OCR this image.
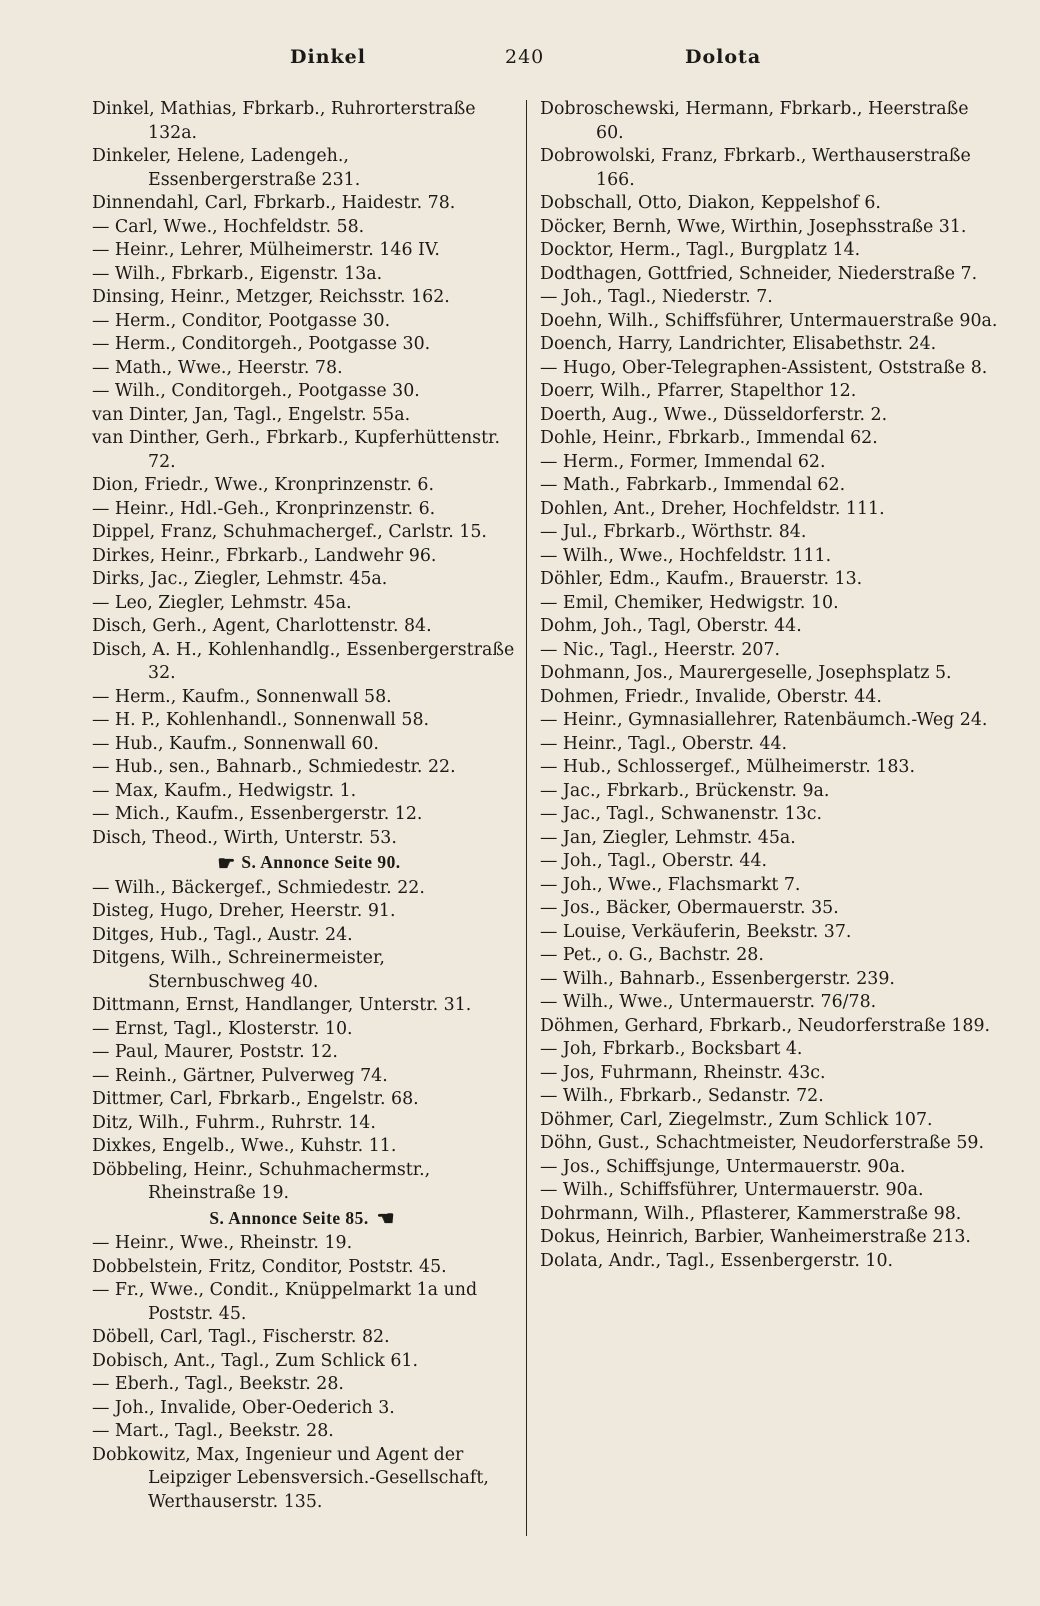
Dinkel	240	Dolota
Dinkel, Mathias, Fbrkarb., Ruhrorterstraße 132a.
Dinkeler, Helene, Ladengeh., Essenbergerstraße 231.
Dinnendahl, Carl, Fbrkarb., Haidestr. 78.
— Carl, Wwe., Hochfeldstr. 58.
— Heinr., Lehrer, Mülheimerstr. 146 IV.
— Wilh., Fbrkarb., Eigenstr. 13a.
Dinsing, Heinr., Metzger, Reichsstr. 162.
— Herm., Conditor, Pootgasse 30.
— Herm., Conditorgeh., Pootgasse 30.
— Math., Wwe., Heerstr. 78.
— Wilh., Conditorgeh., Pootgasse 30.
van Dinter, Jan, Tagl., Engelstr. 55a.
van Dinther, Gerh., Fbrkarb., Kupferhüttenstr. 72.
Dion, Friedr., Wwe., Kronprinzenstr. 6.
— Heinr., Hdl.-Geh., Kronprinzenstr. 6.
Dippel, Franz, Schuhmachergef., Carlstr. 15.
Dirkes, Heinr., Fbrkarb., Landwehr 96.
Dirks, Jac., Ziegler, Lehmstr. 45a.
— Leo, Ziegler, Lehmstr. 45a.
Disch, Gerh., Agent, Charlottenstr. 84.
Disch, A. H., Kohlenhandlg., Essenbergerstraße 32.
— Herm., Kaufm., Sonnenwall 58.
— H. P., Kohlenhandl., Sonnenwall 58.
— Hub., Kaufm., Sonnenwall 60.
— Hub., sen., Bahnarb., Schmiedestr. 22.
— Max, Kaufm., Hedwigstr. 1.
— Mich., Kaufm., Essenbergerstr. 12.
Disch, Theod., Wirth, Unterstr. 53.
☛ S. Annonce Seite 90.
— Wilh., Bäckergef., Schmiedestr. 22.
Disteg, Hugo, Dreher, Heerstr. 91.
Ditges, Hub., Tagl., Austr. 24.
Ditgens, Wilh., Schreinermeister, Sternbuschweg 40.
Dittmann, Ernst, Handlanger, Unterstr. 31.
— Ernst, Tagl., Klosterstr. 10.
— Paul, Maurer, Poststr. 12.
— Reinh., Gärtner, Pulverweg 74.
Dittmer, Carl, Fbrkarb., Engelstr. 68.
Ditz, Wilh., Fuhrm., Ruhrstr. 14.
Dixkes, Engelb., Wwe., Kuhstr. 11.
Döbbeling, Heinr., Schuhmachermstr., Rheinstraße 19.
S. Annonce Seite 85. ☚
— Heinr., Wwe., Rheinstr. 19.
Dobbelstein, Fritz, Conditor, Poststr. 45.
— Fr., Wwe., Condit., Knüppelmarkt 1a und Poststr. 45.
Döbell, Carl, Tagl., Fischerstr. 82.
Dobisch, Ant., Tagl., Zum Schlick 61.
— Eberh., Tagl., Beekstr. 28.
— Joh., Invalide, Ober-Oederich 3.
— Mart., Tagl., Beekstr. 28.
Dobkowitz, Max, Ingenieur und Agent der Leipziger Lebensversich.-Gesellschaft, Werthauserstr. 135.
Dobroschewski, Hermann, Fbrkarb., Heerstraße 60.
Dobrowolski, Franz, Fbrkarb., Werthauserstraße 166.
Dobschall, Otto, Diakon, Keppelshof 6.
Döcker, Bernh, Wwe, Wirthin, Josephsstraße 31.
Docktor, Herm., Tagl., Burgplatz 14.
Dodthagen, Gottfried, Schneider, Niederstraße 7.
— Joh., Tagl., Niederstr. 7.
Doehn, Wilh., Schiffsführer, Untermauerstraße 90a.
Doench, Harry, Landrichter, Elisabethstr. 24.
— Hugo, Ober-Telegraphen-Assistent, Oststraße 8.
Doerr, Wilh., Pfarrer, Stapelthor 12.
Doerth, Aug., Wwe., Düsseldorferstr. 2.
Dohle, Heinr., Fbrkarb., Immendal 62.
— Herm., Former, Immendal 62.
— Math., Fabrkarb., Immendal 62.
Dohlen, Ant., Dreher, Hochfeldstr. 111.
— Jul., Fbrkarb., Wörthstr. 84.
— Wilh., Wwe., Hochfeldstr. 111.
Döhler, Edm., Kaufm., Brauerstr. 13.
— Emil, Chemiker, Hedwigstr. 10.
Dohm, Joh., Tagl, Oberstr. 44.
— Nic., Tagl., Heerstr. 207.
Dohmann, Jos., Maurergeselle, Josephsplatz 5.
Dohmen, Friedr., Invalide, Oberstr. 44.
— Heinr., Gymnasiallehrer, Ratenbäumch.-Weg 24.
— Heinr., Tagl., Oberstr. 44.
— Hub., Schlossergef., Mülheimerstr. 183.
— Jac., Fbrkarb., Brückenstr. 9a.
— Jac., Tagl., Schwanenstr. 13c.
— Jan, Ziegler, Lehmstr. 45a.
— Joh., Tagl., Oberstr. 44.
— Joh., Wwe., Flachsmarkt 7.
— Jos., Bäcker, Obermauerstr. 35.
— Louise, Verkäuferin, Beekstr. 37.
— Pet., o. G., Bachstr. 28.
— Wilh., Bahnarb., Essenbergerstr. 239.
— Wilh., Wwe., Untermauerstr. 76/78.
Döhmen, Gerhard, Fbrkarb., Neudorferstraße 189.
— Joh, Fbrkarb., Bocksbart 4.
— Jos, Fuhrmann, Rheinstr. 43c.
— Wilh., Fbrkarb., Sedanstr. 72.
Döhmer, Carl, Ziegelmstr., Zum Schlick 107.
Döhn, Gust., Schachtmeister, Neudorferstraße 59.
— Jos., Schiffsjunge, Untermauerstr. 90a.
— Wilh., Schiffsführer, Untermauerstr. 90a.
Dohrmann, Wilh., Pflasterer, Kammerstraße 98.
Dokus, Heinrich, Barbier, Wanheimerstraße 213.
Dolata, Andr., Tagl., Essenbergerstr. 10.
